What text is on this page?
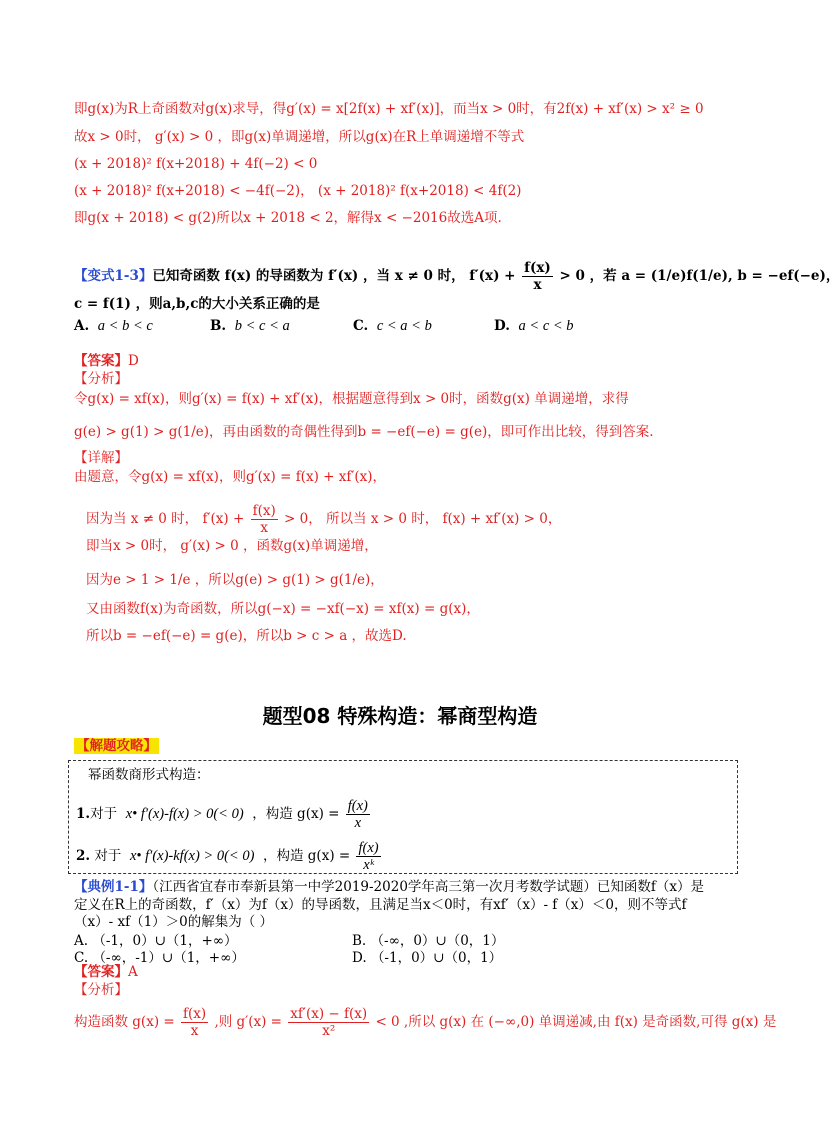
即g(x)为R上奇函数对g(x)求导，得g′(x) = x[2f(x) + xf′(x)]，而当x > 0时，有2f(x) + xf′(x) > x² ≥ 0
故x > 0时， g′(x) > 0 ，即g(x)单调递增，所以g(x)在R上单调递增不等式
(x + 2018)² f(x+2018) + 4f(−2) < 0
(x + 2018)² f(x+2018) < −4f(−2)， (x + 2018)² f(x+2018) < 4f(2)
即g(x + 2018) < g(2)所以x + 2018 < 2，解得x < −2016故选A项.
【变式1-3】已知奇函数 f(x) 的导函数为 f′(x) ，当 x ≠ 0 时， $f'(x) + \frac{f(x)}{x} > 0$ ，若 a = (1/e)f(1/e), b = −ef(−e)，
c = f(1) ，则a,b,c的大小关系正确的是
A. a < b < c	B. b < c < a	C. c < a < b	D. a < c < b
【答案】D
【分析】
令g(x) = xf(x)，则g′(x) = f(x) + xf′(x)，根据题意得到x > 0时，函数g(x) 单调递增，求得
g(e) > g(1) > g(1/e)，再由函数的奇偶性得到b = −ef(−e) = g(e)，即可作出比较，得到答案.
【详解】
由题意，令g(x) = xf(x)，则g′(x) = f(x) + xf′(x)，
因为当 x ≠ 0 时， $f'(x) + \frac{f(x)}{x} > 0$， 所以当 x > 0 时， f(x) + xf′(x) > 0，
即当x > 0时， g′(x) > 0 ，函数g(x)单调递增，
因为e > 1 > 1/e ，所以g(e) > g(1) > g(1/e)，
又由函数f(x)为奇函数，所以g(−x) = −xf(−x) = xf(x) = g(x)，
所以b = −ef(−e) = g(e)，所以b > c > a ，故选D.
题型08 特殊构造：幂商型构造
【解题攻略】
幂函数商形式构造：
1.对于 x• f′(x)-f(x) > 0(< 0) ，构造 $g(x) = \frac{f(x)}{x}$
2. 对于 x• f′(x)-kf(x) > 0(< 0) ，构造 $g(x) = \frac{f(x)}{\text{xᵏ}}$
【典例1-1】（江西省宜春市奉新县第一中学2019-2020学年高三第一次月考数学试题）已知函数f（x）是
定义在R上的奇函数，f′（x）为f（x）的导函数，且满足当x＜0时，有xf′（x）- f（x）＜0，则不等式f
（x）- xf（1）＞0的解集为（ ）
A. （-1，0）∪（1，+∞）	B. （-∞，0）∪（0，1）
C. （-∞，-1）∪（1，+∞）	D. （-1，0）∪（0，1）
【答案】A
【分析】
构造函数 $g(x) = \frac{f(x)}{x}$ ,则 $g'(x) = \frac{xf'(x) - f(x)}{\text{x²}} < 0$ ,所以 g(x) 在 (−∞,0) 单调递减,由 f(x) 是奇函数,可得 g(x) 是
